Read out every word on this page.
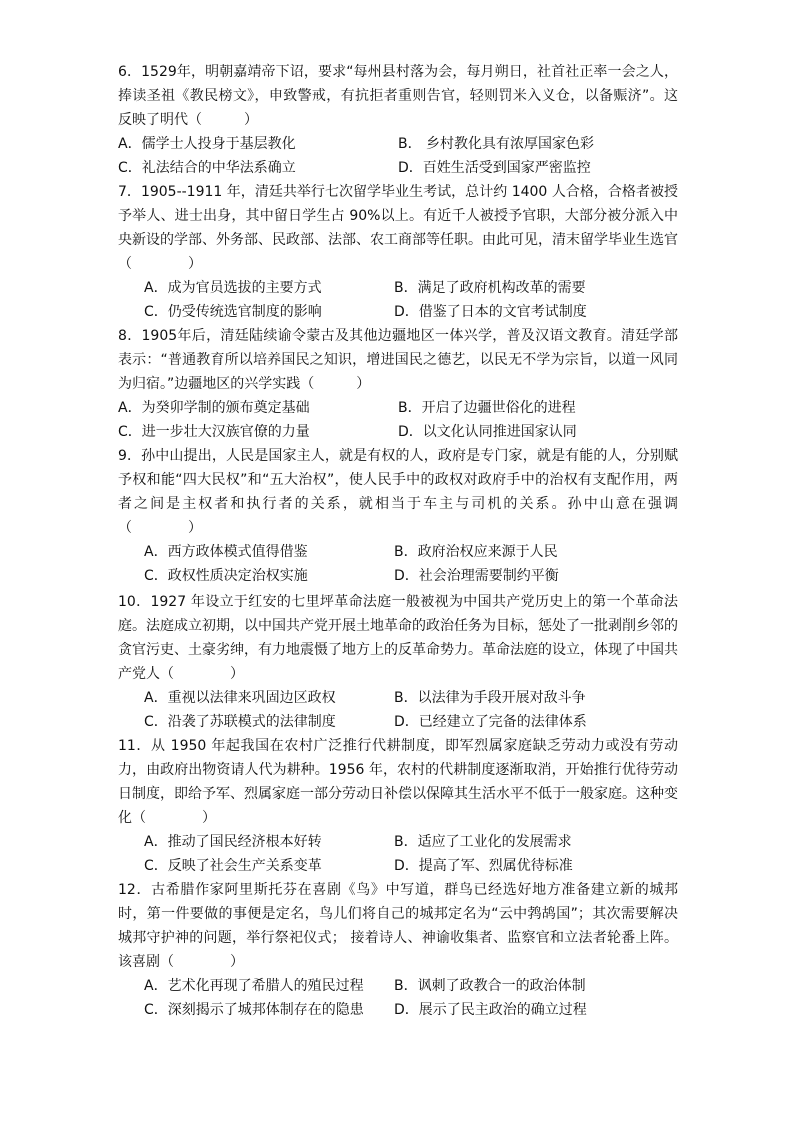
6．1529年，明朝嘉靖帝下诏，要求“每州县村落为会，每月朔日，社首社正率一会之人，捧读圣祖《教民榜文》，申致警戒，有抗拒者重则告官，轻则罚米入义仓，以备赈济”。这反映了明代（　　　）
A．儒学士人投身于基层教化	B． 乡村教化具有浓厚国家色彩
C．礼法结合的中华法系确立	D．百姓生活受到国家严密监控
7．1905--1911 年，清廷共举行七次留学毕业生考试，总计约 1400 人合格，合格者被授予举人、进士出身，其中留日学生占 90%以上。有近千人被授予官职，大部分被分派入中央新设的学部、外务部、民政部、法部、农工商部等任职。由此可见，清末留学毕业生选官（　　　　）
A．成为官员选拔的主要方式	B．满足了政府机构改革的需要
C．仍受传统选官制度的影响	D．借鉴了日本的文官考试制度
8．1905年后，清廷陆续谕令蒙古及其他边疆地区一体兴学，普及汉语文教育。清廷学部表示：“普通教育所以培养国民之知识，增进国民之德艺，以民无不学为宗旨，以道一风同为归宿。”边疆地区的兴学实践（　　　）
A．为癸卯学制的颁布奠定基础	B．开启了边疆世俗化的进程
C．进一步壮大汉族官僚的力量	D．以文化认同推进国家认同
9．孙中山提出，人民是国家主人，就是有权的人，政府是专门家，就是有能的人，分别赋予权和能“四大民权”和“五大治权”，使人民手中的政权对政府手中的治权有支配作用，两者之间是主权者和执行者的关系，就相当于车主与司机的关系。孙中山意在强调（　　　　）
A．西方政体模式值得借鉴	B．政府治权应来源于人民
C．政权性质决定治权实施	D．社会治理需要制约平衡
10．1927 年设立于红安的七里坪革命法庭一般被视为中国共产党历史上的第一个革命法庭。法庭成立初期，以中国共产党开展土地革命的政治任务为目标，惩处了一批剥削乡邻的贪官污吏、土豪劣绅，有力地震慑了地方上的反革命势力。革命法庭的设立，体现了中国共产党人（　　　　）
A．重视以法律来巩固边区政权	B．以法律为手段开展对敌斗争
C．沿袭了苏联模式的法律制度	D．已经建立了完备的法律体系
11．从 1950 年起我国在农村广泛推行代耕制度，即军烈属家庭缺乏劳动力或没有劳动力，由政府出物资请人代为耕种。1956 年，农村的代耕制度逐渐取消，开始推行优待劳动日制度，即给予军、烈属家庭一部分劳动日补偿以保障其生活水平不低于一般家庭。这种变化（　　　　）
A．推动了国民经济根本好转	B．适应了工业化的发展需求
C．反映了社会生产关系变革	D．提高了军、烈属优待标准
12．古希腊作家阿里斯托芬在喜剧《鸟》中写道，群鸟已经选好地方准备建立新的城邦时，第一件要做的事便是定名，鸟儿们将自己的城邦定名为“云中鹁鸪国”；其次需要解决城邦守护神的问题，举行祭祀仪式； 接着诗人、神谕收集者、监察官和立法者轮番上阵。该喜剧（　　　　）
A．艺术化再现了希腊人的殖民过程	B．讽刺了政教合一的政治体制
C．深刻揭示了城邦体制存在的隐患	D．展示了民主政治的确立过程
